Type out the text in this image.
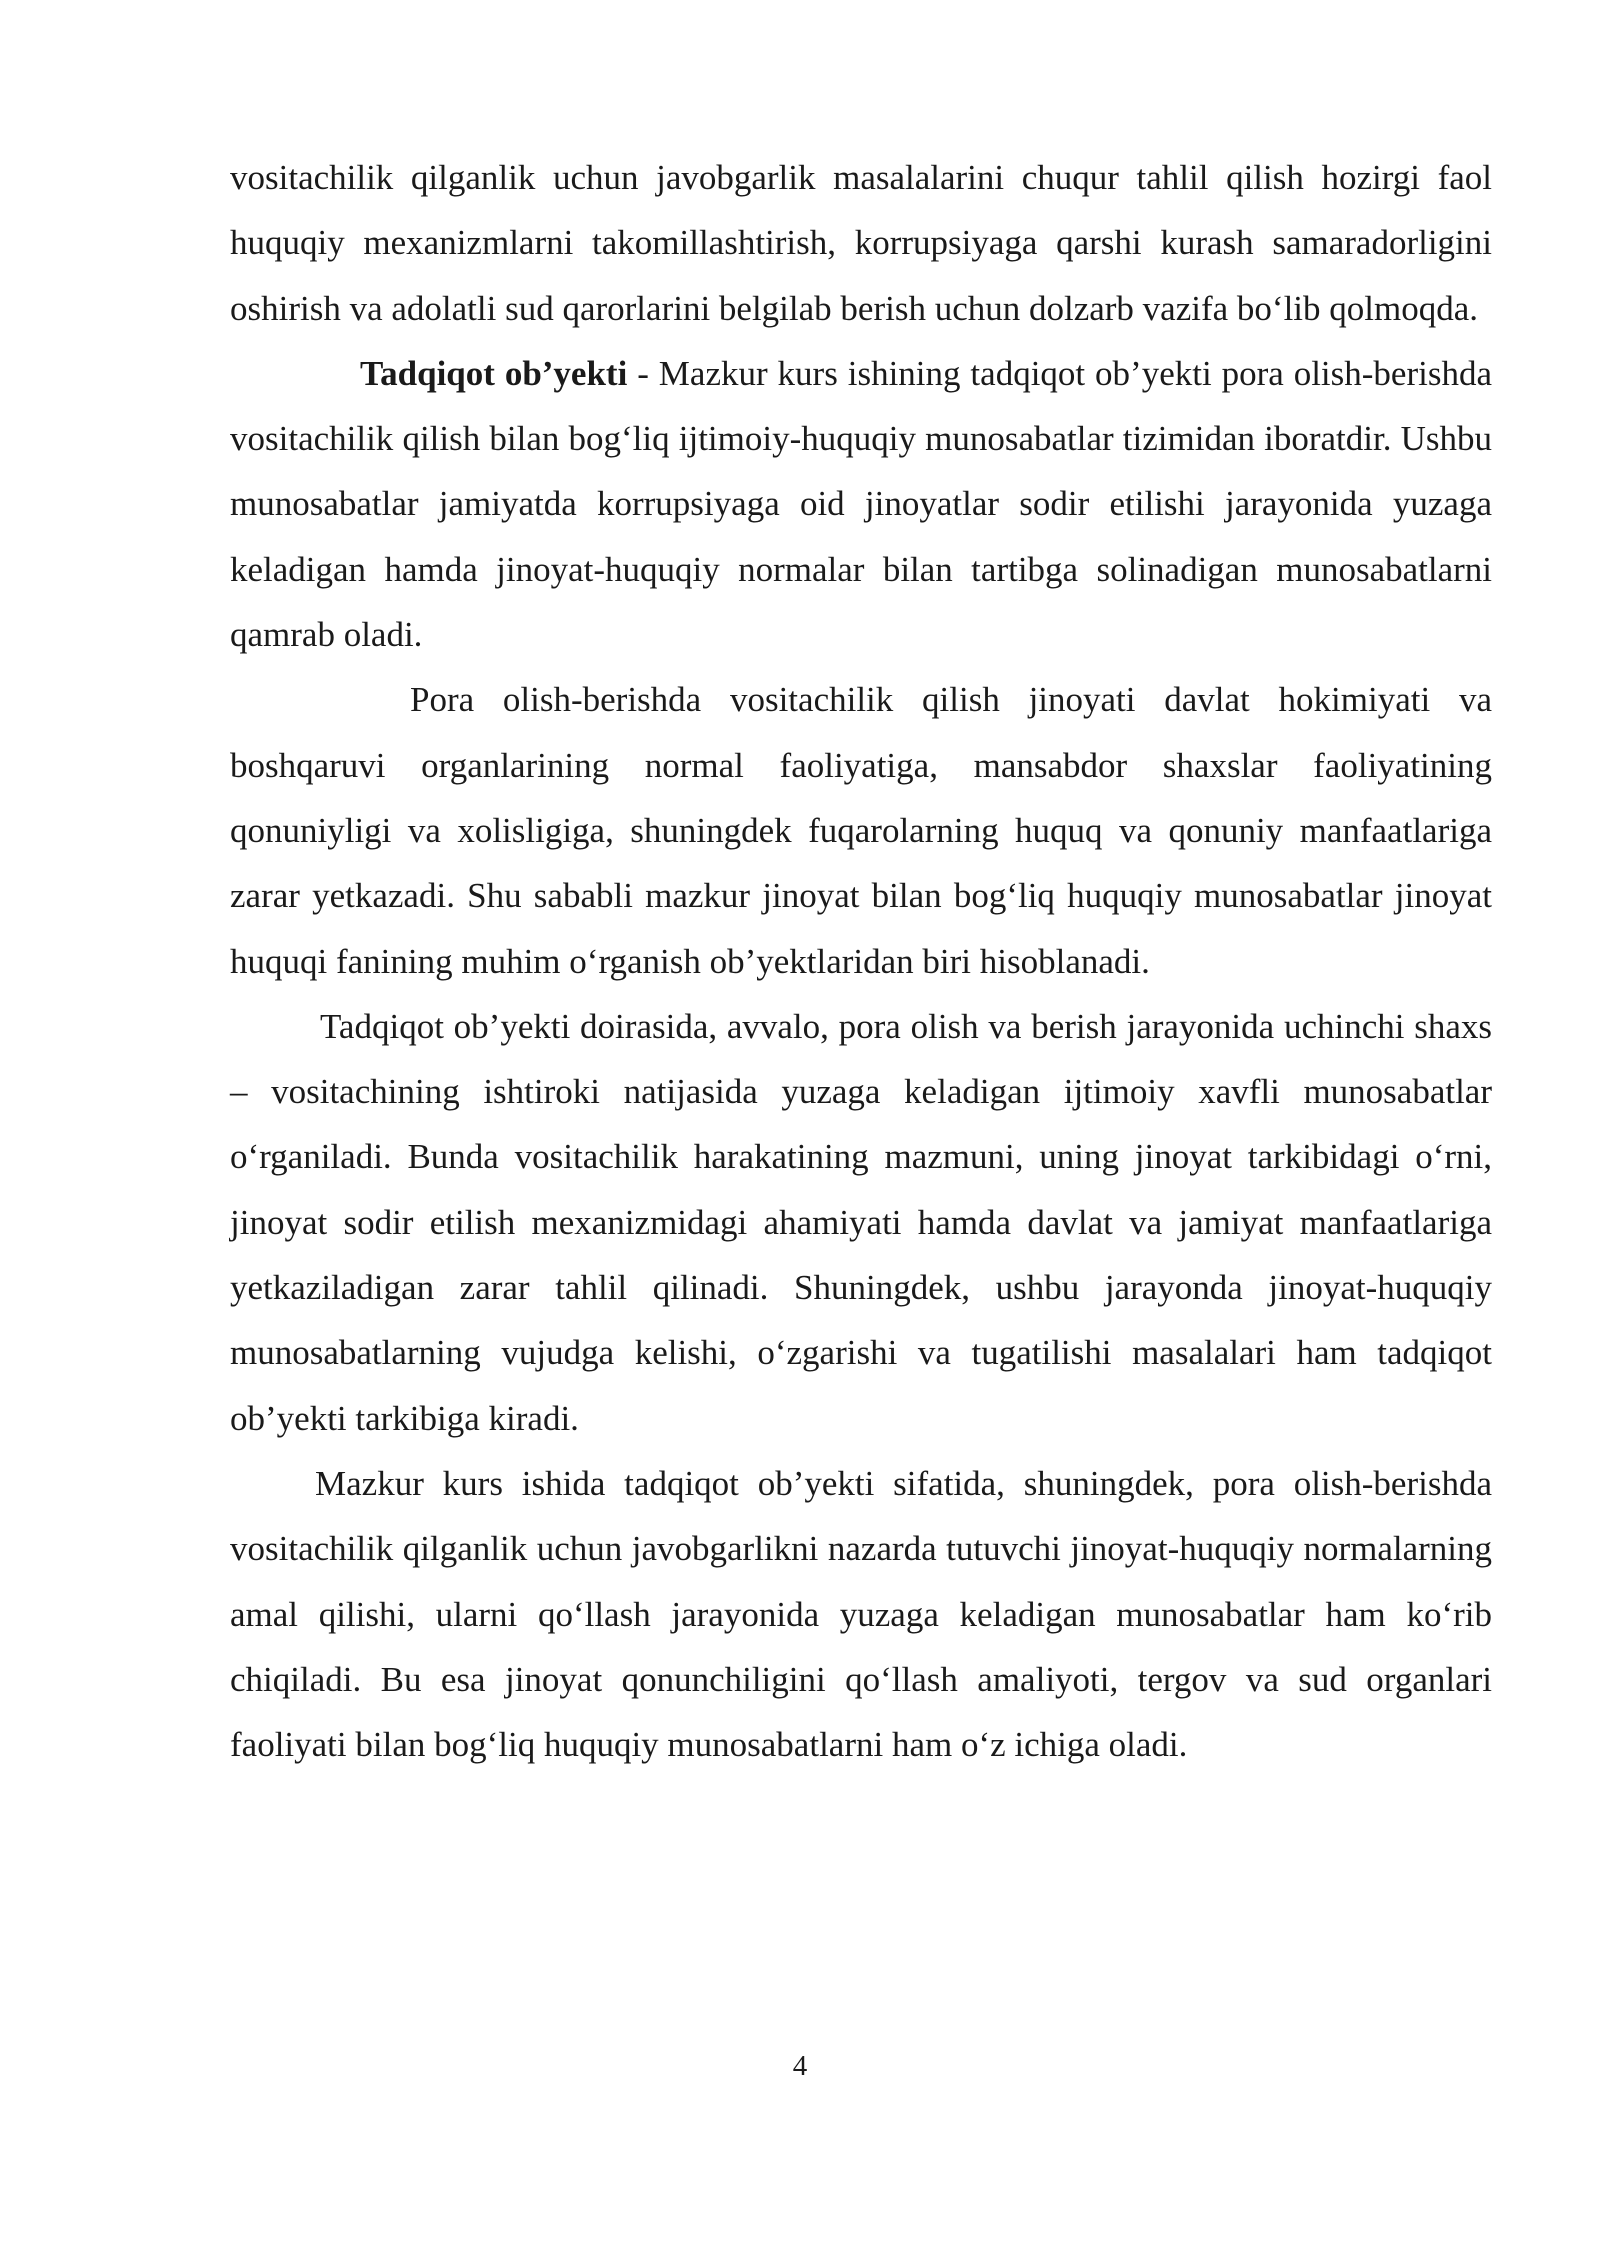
vositachilik qilganlik uchun javobgarlik masalalarini chuqur tahlil qilish hozirgi faol huquqiy mexanizmlarni takomillashtirish, korrupsiyaga qarshi kurash samaradorligini oshirish va adolatli sud qarorlarini belgilab berish uchun dolzarb vazifa bo‘lib qolmoqda.

Tadqiqot ob’yekti - Mazkur kurs ishining tadqiqot ob’yekti pora olish-berishda vositachilik qilish bilan bog‘liq ijtimoiy-huquqiy munosabatlar tizimidan iboratdir. Ushbu munosabatlar jamiyatda korrupsiyaga oid jinoyatlar sodir etilishi jarayonida yuzaga keladigan hamda jinoyat-huquqiy normalar bilan tartibga solinadigan munosabatlarni qamrab oladi.

Pora olish-berishda vositachilik qilish jinoyati davlat hokimiyati va boshqaruvi organlarining normal faoliyatiga, mansabdor shaxslar faoliyatining qonuniyligi va xolisligiga, shuningdek fuqarolarning huquq va qonuniy manfaatlariga zarar yetkazadi. Shu sababli mazkur jinoyat bilan bog‘liq huquqiy munosabatlar jinoyat huquqi fanining muhim o‘rganish ob’yektlaridan biri hisoblanadi.

Tadqiqot ob’yekti doirasida, avvalo, pora olish va berish jarayonida uchinchi shaxs – vositachining ishtiroki natijasida yuzaga keladigan ijtimoiy xavfli munosabatlar o‘rganiladi. Bunda vositachilik harakatining mazmuni, uning jinoyat tarkibidagi o‘rni, jinoyat sodir etilish mexanizmidagi ahamiyati hamda davlat va jamiyat manfaatlariga yetkaziladigan zarar tahlil qilinadi. Shuningdek, ushbu jarayonda jinoyat-huquqiy munosabatlarning vujudga kelishi, o‘zgarishi va tugatilishi masalalari ham tadqiqot ob’yekti tarkibiga kiradi.

Mazkur kurs ishida tadqiqot ob’yekti sifatida, shuningdek, pora olish-berishda vositachilik qilganlik uchun javobgarlikni nazarda tutuvchi jinoyat-huquqiy normalarning amal qilishi, ularni qo‘llash jarayonida yuzaga keladigan munosabatlar ham ko‘rib chiqiladi. Bu esa jinoyat qonunchiligini qo‘llash amaliyoti, tergov va sud organlari faoliyati bilan bog‘liq huquqiy munosabatlarni ham o‘z ichiga oladi.

4
